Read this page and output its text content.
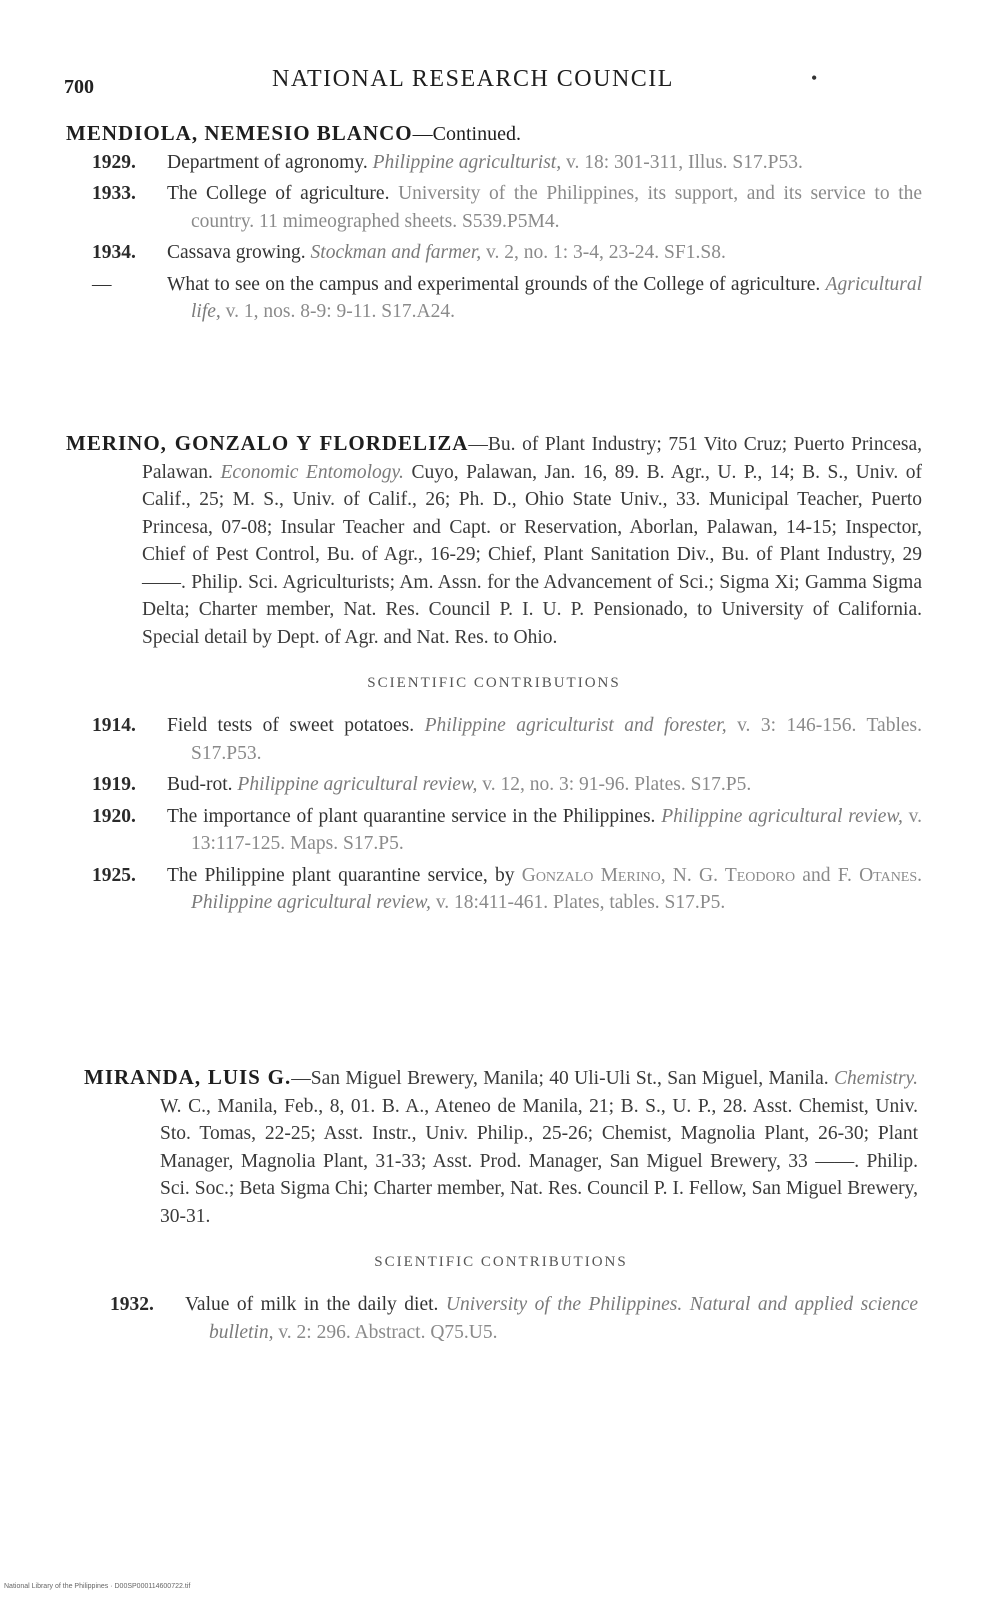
700	NATIONAL RESEARCH COUNCIL	•
MENDIOLA, NEMESIO BLANCO—Continued.
1929.	Department of agronomy. Philippine agriculturist, v. 18: 301-311, Illus. S17.P53.
1933.	The College of agriculture. University of the Philippines, its support, and its service to the country. 11 mimeographed sheets. S539.P5M4.
1934.	Cassava growing. Stockman and farmer, v. 2, no. 1: 3-4, 23-24. SF1.S8.
—	What to see on the campus and experimental grounds of the College of agriculture. Agricultural life, v. 1, nos. 8-9: 9-11. S17.A24.
MERINO, GONZALO Y FLORDELIZA—Bu. of Plant Industry; 751 Vito Cruz; Puerto Princesa, Palawan. Economic Entomology. Cuyo, Palawan, Jan. 16, 89. B. Agr., U. P., 14; B. S., Univ. of Calif., 25; M. S., Univ. of Calif., 26; Ph. D., Ohio State Univ., 33. Municipal Teacher, Puerto Princesa, 07-08; Insular Teacher and Capt. or Reservation, Aborlan, Palawan, 14-15; Inspector, Chief of Pest Control, Bu. of Agr., 16-29; Chief, Plant Sanitation Div., Bu. of Plant Industry, 29 ——. Philip. Sci. Agriculturists; Am. Assn. for the Advancement of Sci.; Sigma Xi; Gamma Sigma Delta; Charter member, Nat. Res. Council P. I. U. P. Pensionado, to University of California. Special detail by Dept. of Agr. and Nat. Res. to Ohio.
SCIENTIFIC CONTRIBUTIONS
1914.	Field tests of sweet potatoes. Philippine agriculturist and forester, v. 3: 146-156. Tables. S17.P53.
1919.	Bud-rot. Philippine agricultural review, v. 12, no. 3: 91-96. Plates. S17.P5.
1920.	The importance of plant quarantine service in the Philippines. Philippine agricultural review, v. 13:117-125. Maps. S17.P5.
1925.	The Philippine plant quarantine service, by Gonzalo Merino, N. G. Teodoro and F. Otanes. Philippine agricultural review, v. 18:411-461. Plates, tables. S17.P5.
MIRANDA, LUIS G.—San Miguel Brewery, Manila; 40 Uli-Uli St., San Miguel, Manila. Chemistry. W. C., Manila, Feb., 8, 01. B. A., Ateneo de Manila, 21; B. S., U. P., 28. Asst. Chemist, Univ. Sto. Tomas, 22-25; Asst. Instr., Univ. Philip., 25-26; Chemist, Magnolia Plant, 26-30; Plant Manager, Magnolia Plant, 31-33; Asst. Prod. Manager, San Miguel Brewery, 33 ——. Philip. Sci. Soc.; Beta Sigma Chi; Charter member, Nat. Res. Council P. I. Fellow, San Miguel Brewery, 30-31.
SCIENTIFIC CONTRIBUTIONS
1932.	Value of milk in the daily diet. University of the Philippines. Natural and applied science bulletin, v. 2: 296. Abstract. Q75.U5.
National Library of the Philippines · D00SP000114600722.tif
